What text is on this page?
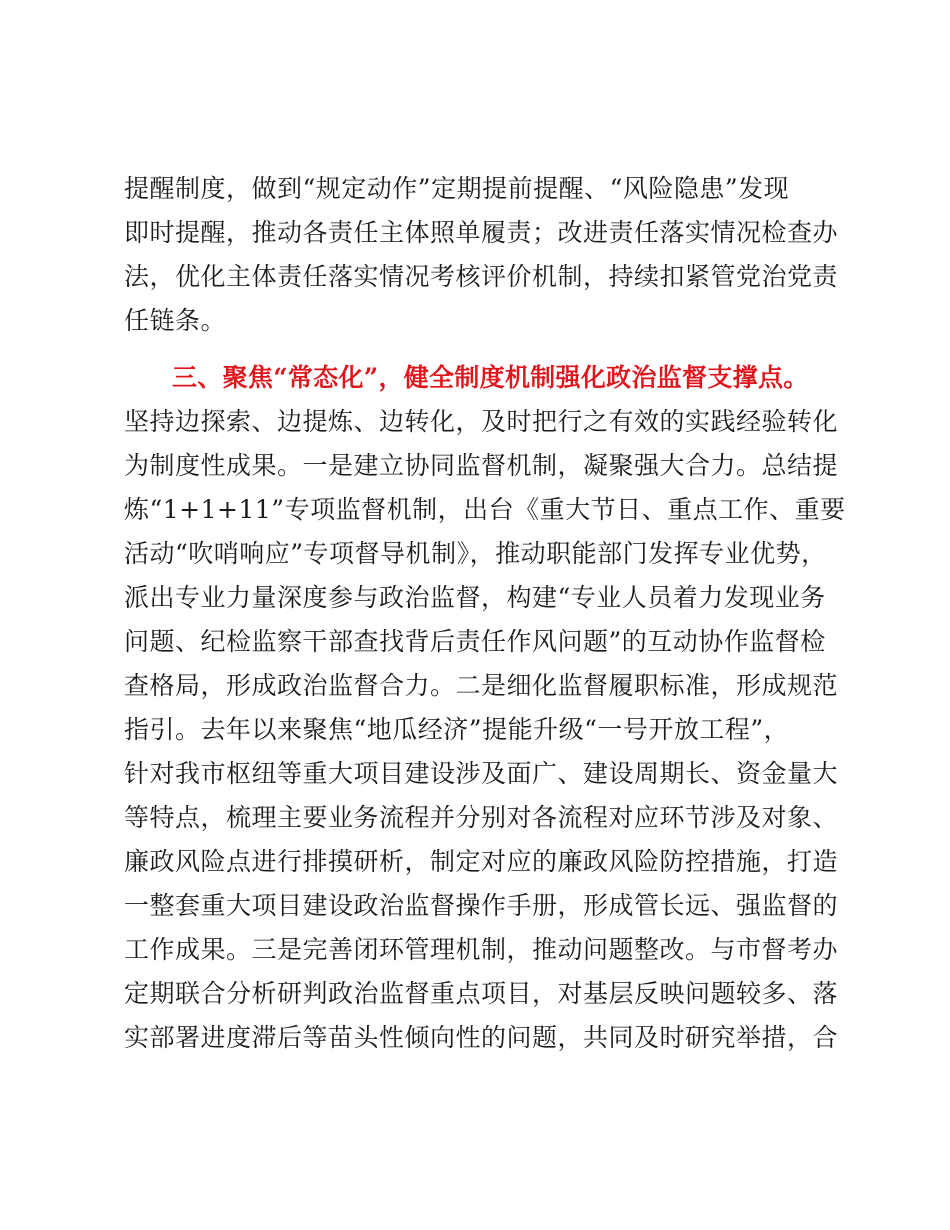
提醒制度，做到“规定动作”定期提前提醒、“风险隐患”发现
即时提醒，推动各责任主体照单履责；改进责任落实情况检查办
法，优化主体责任落实情况考核评价机制，持续扣紧管党治党责
任链条。
三、聚焦“常态化”，健全制度机制强化政治监督支撑点。
坚持边探索、边提炼、边转化，及时把行之有效的实践经验转化
为制度性成果。一是建立协同监督机制，凝聚强大合力。总结提
炼“1+1+11”专项监督机制，出台《重大节日、重点工作、重要
活动“吹哨响应”专项督导机制》，推动职能部门发挥专业优势，
派出专业力量深度参与政治监督，构建“专业人员着力发现业务
问题、纪检监察干部查找背后责任作风问题”的互动协作监督检
查格局，形成政治监督合力。二是细化监督履职标准，形成规范
指引。去年以来聚焦“地瓜经济”提能升级“一号开放工程”，
针对我市枢纽等重大项目建设涉及面广、建设周期长、资金量大
等特点，梳理主要业务流程并分别对各流程对应环节涉及对象、
廉政风险点进行排摸研析，制定对应的廉政风险防控措施，打造
一整套重大项目建设政治监督操作手册，形成管长远、强监督的
工作成果。三是完善闭环管理机制，推动问题整改。与市督考办
定期联合分析研判政治监督重点项目，对基层反映问题较多、落
实部署进度滞后等苗头性倾向性的问题，共同及时研究举措，合
